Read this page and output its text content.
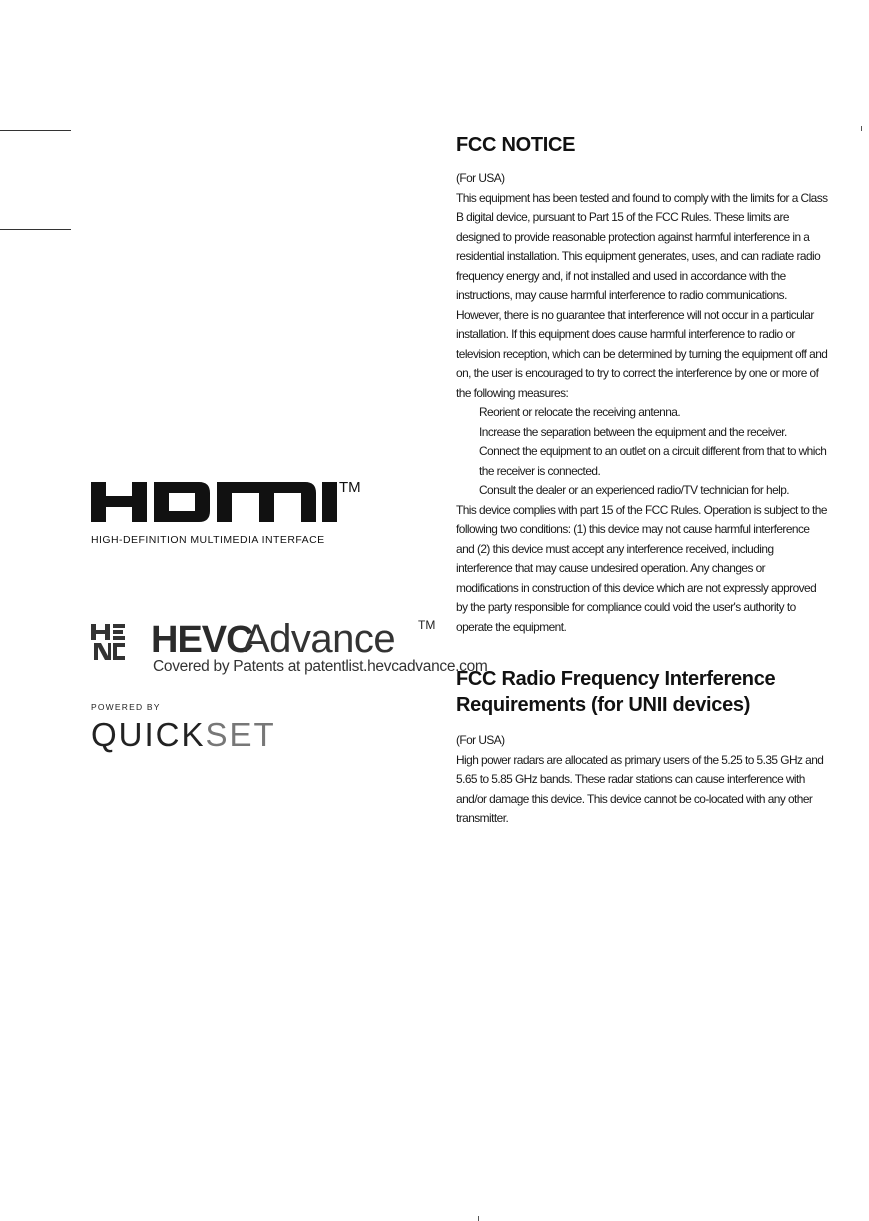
TM
HIGH-DEFINITION MULTIMEDIA INTERFACE
HEVC
Advance TM
Covered by Patents at patentlist.hevcadvance.com
POWERED BY
QUICKSET
FCC NOTICE

(For USA)

This equipment has been tested and found to comply with the limits for a Class B digital device, pursuant to Part 15 of the FCC Rules. These limits are designed to provide reasonable protection against harmful interference in a residential installation. This equipment generates, uses, and can radiate radio frequency energy and, if not installed and used in accordance with the instructions, may cause harmful interference to radio communications. However, there is no guarantee that interference will not occur in a particular installation. If this equipment does cause harmful interference to radio or television reception, which can be determined by turning the equipment off and on, the user is encouraged to try to correct the interference by one or more of the following measures:

Reorient or relocate the receiving antenna.
Increase the separation between the equipment and the receiver.
Connect the equipment to an outlet on a circuit different from that to which the receiver is connected.
Consult the dealer or an experienced radio/TV technician for help.

This device complies with part 15 of the FCC Rules. Operation is subject to the following two conditions: (1) this device may not cause harmful interference and (2) this device must accept any interference received, including interference that may cause undesired operation. Any changes or modifications in construction of this device which are not expressly approved by the party responsible for compliance could void the user's authority to operate the equipment.

FCC Radio Frequency Interference Requirements (for UNII devices)

(For USA)

High power radars are allocated as primary users of the 5.25 to 5.35 GHz and 5.65 to 5.85 GHz bands. These radar stations can cause interference with and/or damage this device. This device cannot be co-located with any other transmitter.
